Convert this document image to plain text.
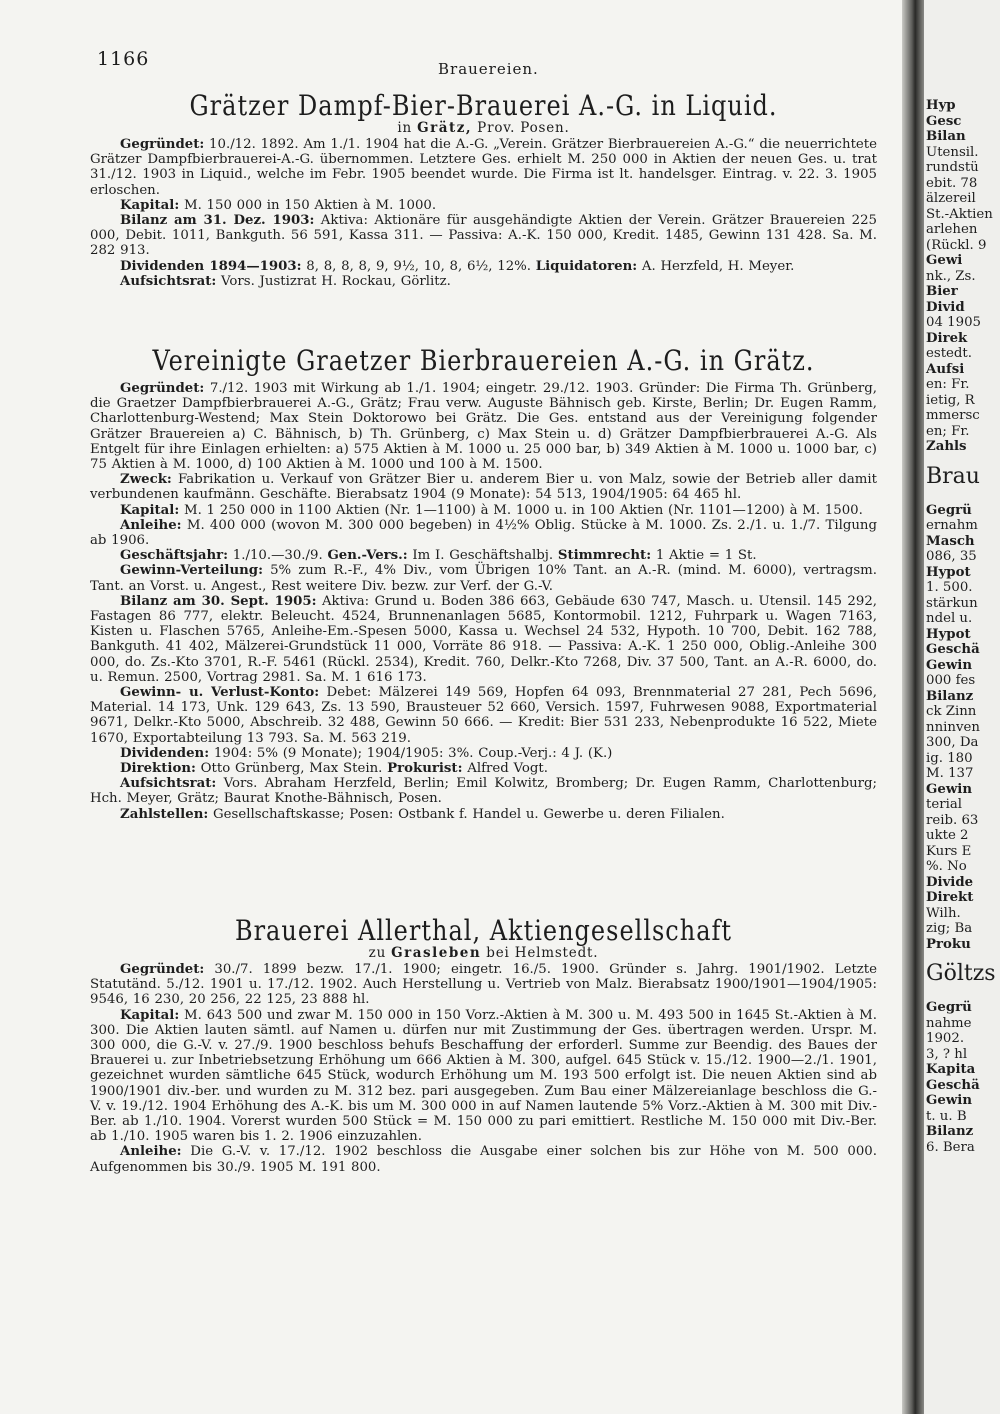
1166	Brauereien.
Grätzer Dampf-Bier-Brauerei A.-G. in Liquid.

in Grätz, Prov. Posen.

Gegründet: 10./12. 1892. Am 1./1. 1904 hat die A.-G. „Verein. Grätzer Bierbrauereien A.-G.“ die neuerrichtete Grätzer Dampfbierbrauerei-A.-G. übernommen. Letztere Ges. erhielt M. 250 000 in Aktien der neuen Ges. u. trat 31./12. 1903 in Liquid., welche im Febr. 1905 beendet wurde. Die Firma ist lt. handelsger. Eintrag. v. 22. 3. 1905 erloschen.

Kapital: M. 150 000 in 150 Aktien à M. 1000.

Bilanz am 31. Dez. 1903: Aktiva: Aktionäre für ausgehändigte Aktien der Verein. Grätzer Brauereien 225 000, Debit. 1011, Bankguth. 56 591, Kassa 311. — Passiva: A.-K. 150 000, Kredit. 1485, Gewinn 131 428. Sa. M. 282 913.

Dividenden 1894—1903: 8, 8, 8, 8, 9, 9½, 10, 8, 6½, 12%. Liquidatoren: A. Herzfeld, H. Meyer.

Aufsichtsrat: Vors. Justizrat H. Rockau, Görlitz.

Vereinigte Graetzer Bierbrauereien A.-G. in Grätz.

Gegründet: 7./12. 1903 mit Wirkung ab 1./1. 1904; eingetr. 29./12. 1903. Gründer: Die Firma Th. Grünberg, die Graetzer Dampfbierbrauerei A.-G., Grätz; Frau verw. Auguste Bähnisch geb. Kirste, Berlin; Dr. Eugen Ramm, Charlottenburg-Westend; Max Stein Doktorowo bei Grätz. Die Ges. entstand aus der Vereinigung folgender Grätzer Brauereien a) C. Bähnisch, b) Th. Grünberg, c) Max Stein u. d) Grätzer Dampfbierbrauerei A.-G. Als Entgelt für ihre Einlagen erhielten: a) 575 Aktien à M. 1000 u. 25 000 bar, b) 349 Aktien à M. 1000 u. 1000 bar, c) 75 Aktien à M. 1000, d) 100 Aktien à M. 1000 und 100 à M. 1500.

Zweck: Fabrikation u. Verkauf von Grätzer Bier u. anderem Bier u. von Malz, sowie der Betrieb aller damit verbundenen kaufmänn. Geschäfte. Bierabsatz 1904 (9 Monate): 54 513, 1904/1905: 64 465 hl.

Kapital: M. 1 250 000 in 1100 Aktien (Nr. 1—1100) à M. 1000 u. in 100 Aktien (Nr. 1101—1200) à M. 1500.

Anleihe: M. 400 000 (wovon M. 300 000 begeben) in 4½% Oblig. Stücke à M. 1000. Zs. 2./1. u. 1./7. Tilgung ab 1906.

Geschäftsjahr: 1./10.—30./9. Gen.-Vers.: Im I. Geschäftshalbj. Stimmrecht: 1 Aktie = 1 St.

Gewinn-Verteilung: 5% zum R.-F., 4% Div., vom Übrigen 10% Tant. an A.-R. (mind. M. 6000), vertragsm. Tant. an Vorst. u. Angest., Rest weitere Div. bezw. zur Verf. der G.-V.

Bilanz am 30. Sept. 1905: Aktiva: Grund u. Boden 386 663, Gebäude 630 747, Masch. u. Utensil. 145 292, Fastagen 86 777, elektr. Beleucht. 4524, Brunnenanlagen 5685, Kontormobil. 1212, Fuhrpark u. Wagen 7163, Kisten u. Flaschen 5765, Anleihe-Em.-Spesen 5000, Kassa u. Wechsel 24 532, Hypoth. 10 700, Debit. 162 788, Bankguth. 41 402, Mälzerei-Grundstück 11 000, Vorräte 86 918. — Passiva: A.-K. 1 250 000, Oblig.-Anleihe 300 000, do. Zs.-Kto 3701, R.-F. 5461 (Rückl. 2534), Kredit. 760, Delkr.-Kto 7268, Div. 37 500, Tant. an A.-R. 6000, do. u. Remun. 2500, Vortrag 2981. Sa. M. 1 616 173.

Gewinn- u. Verlust-Konto: Debet: Mälzerei 149 569, Hopfen 64 093, Brennmaterial 27 281, Pech 5696, Material. 14 173, Unk. 129 643, Zs. 13 590, Brausteuer 52 660, Versich. 1597, Fuhrwesen 9088, Exportmaterial 9671, Delkr.-Kto 5000, Abschreib. 32 488, Gewinn 50 666. — Kredit: Bier 531 233, Nebenprodukte 16 522, Miete 1670, Exportabteilung 13 793. Sa. M. 563 219.

Dividenden: 1904: 5% (9 Monate); 1904/1905: 3%. Coup.-Verj.: 4 J. (K.)

Direktion: Otto Grünberg, Max Stein. Prokurist: Alfred Vogt.

Aufsichtsrat: Vors. Abraham Herzfeld, Berlin; Emil Kolwitz, Bromberg; Dr. Eugen Ramm, Charlottenburg; Hch. Meyer, Grätz; Baurat Knothe-Bähnisch, Posen.

Zahlstellen: Gesellschaftskasse; Posen: Ostbank f. Handel u. Gewerbe u. deren Filialen.

Brauerei Allerthal, Aktiengesellschaft

zu Grasleben bei Helmstedt.

Gegründet: 30./7. 1899 bezw. 17./1. 1900; eingetr. 16./5. 1900. Gründer s. Jahrg. 1901/1902. Letzte Statutänd. 5./12. 1901 u. 17./12. 1902. Auch Herstellung u. Vertrieb von Malz. Bierabsatz 1900/1901—1904/1905: 9546, 16 230, 20 256, 22 125, 23 888 hl.

Kapital: M. 643 500 und zwar M. 150 000 in 150 Vorz.-Aktien à M. 300 u. M. 493 500 in 1645 St.-Aktien à M. 300. Die Aktien lauten sämtl. auf Namen u. dürfen nur mit Zustimmung der Ges. übertragen werden. Urspr. M. 300 000, die G.-V. v. 27./9. 1900 beschloss behufs Beschaffung der erforderl. Summe zur Beendig. des Baues der Brauerei u. zur Inbetriebsetzung Erhöhung um 666 Aktien à M. 300, aufgel. 645 Stück v. 15./12. 1900—2./1. 1901, gezeichnet wurden sämtliche 645 Stück, wodurch Erhöhung um M. 193 500 erfolgt ist. Die neuen Aktien sind ab 1900/1901 div.-ber. und wurden zu M. 312 bez. pari ausgegeben. Zum Bau einer Mälzereianlage beschloss die G.-V. v. 19./12. 1904 Erhöhung des A.-K. bis um M. 300 000 in auf Namen lautende 5% Vorz.-Aktien à M. 300 mit Div.-Ber. ab 1./10. 1904. Vorerst wurden 500 Stück = M. 150 000 zu pari emittiert. Restliche M. 150 000 mit Div.-Ber. ab 1./10. 1905 waren bis 1. 2. 1906 einzuzahlen.

Anleihe: Die G.-V. v. 17./12. 1902 beschloss die Ausgabe einer solchen bis zur Höhe von M. 500 000. Aufgenommen bis 30./9. 1905 M. 191 800.

Hyp
Gesc
Bilan
Utensil.
rundstü
ebit. 78
älzereil
St.-Aktien
arlehen
(Rückl. 9
Gewi
nk., Zs.
Bier
Divid
04 1905
Direk
estedt.
Aufsi
en: Fr.
ietig, R
mmersc
en; Fr.
Zahls
Brau
Gegrü
ernahm
Masch
086, 35
Hypot
1. 500.
stärkun
ndel u.
Hypot
Geschä
Gewin
000 fes
Bilanz
ck Zinn
nninven
300, Da
ig. 180
M. 137
Gewin
terial
reib. 63
ukte 2
Kurs E
%. No
Divide
Direkt
Wilh.
zig; Ba
Proku
Göltzs
Gegrü
nahme
1902.
3, ? hl
Kapita
Geschä
Gewin
t. u. B
Bilanz
6. Bera
